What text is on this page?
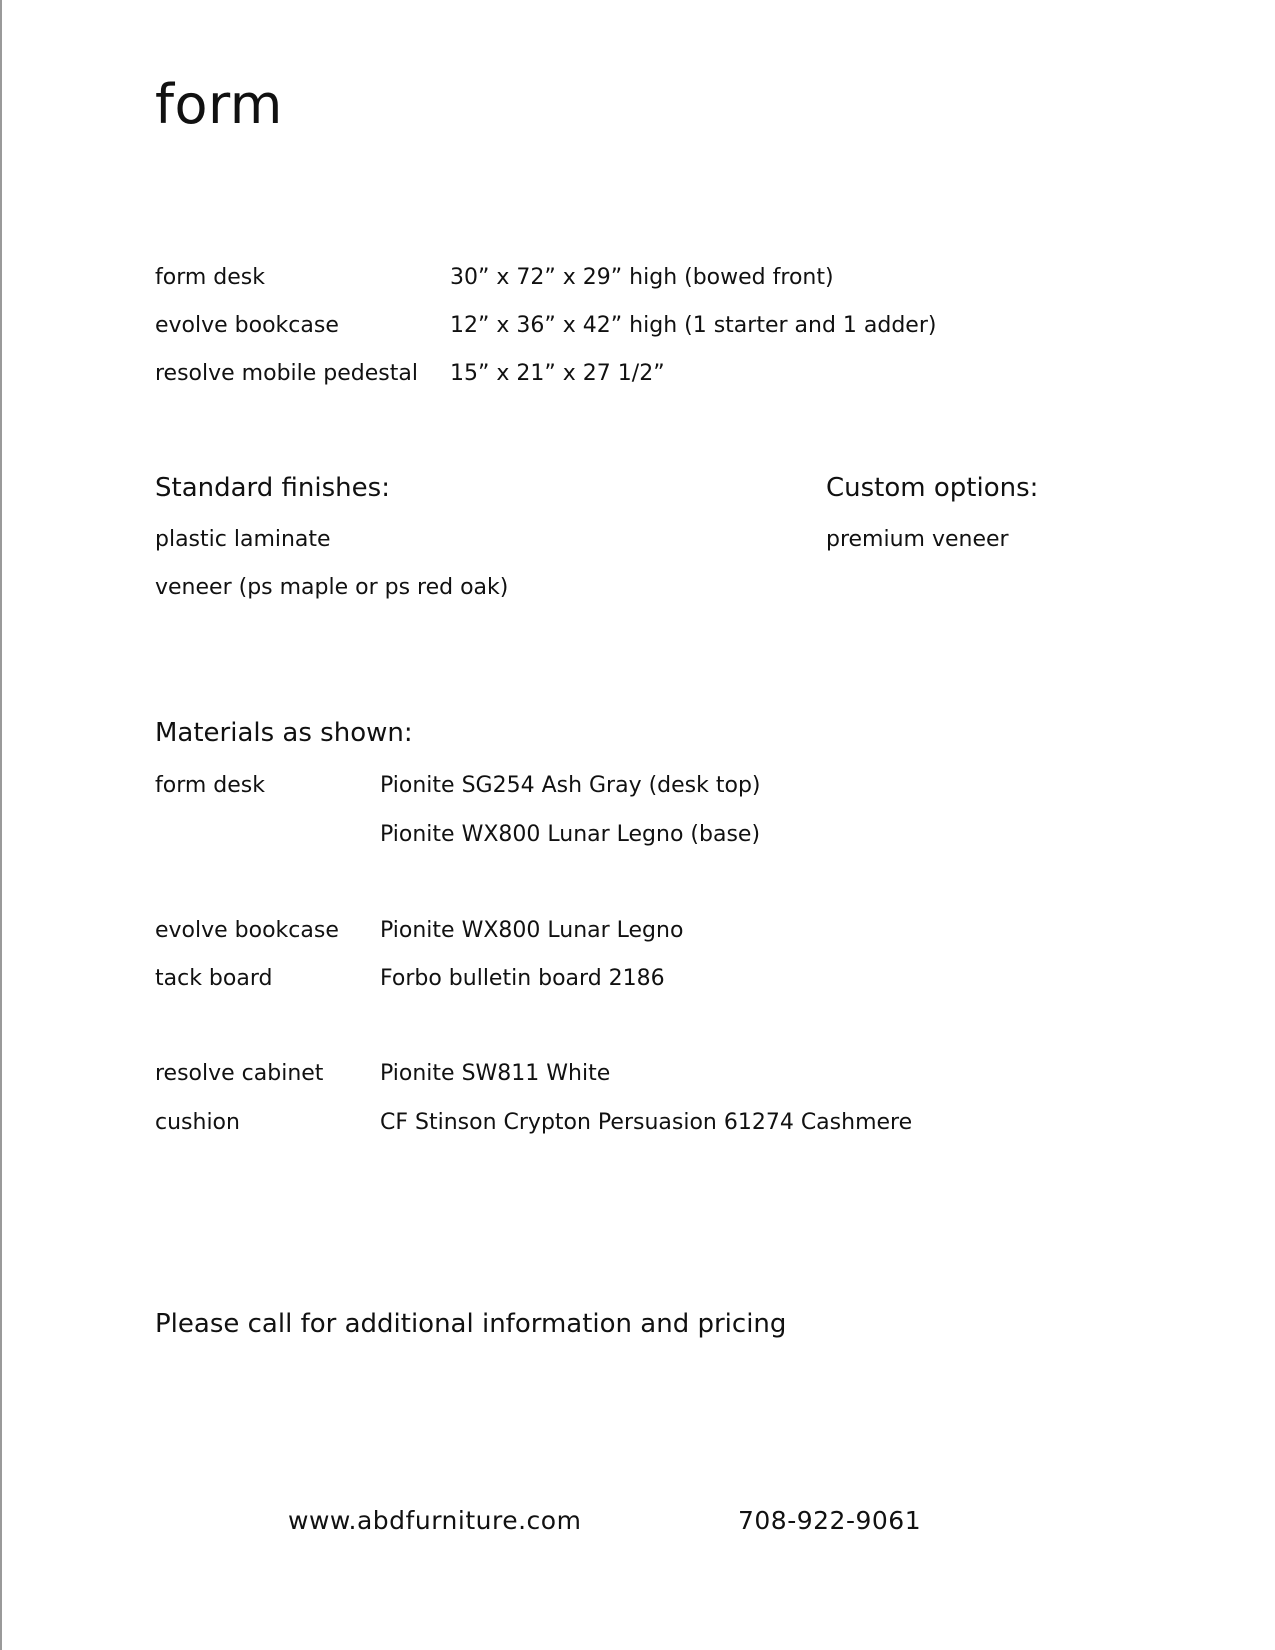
form
form desk	30” x 72” x 29” high (bowed front)
evolve bookcase	12” x 36” x 42” high (1 starter and 1 adder)
resolve mobile pedestal 15” x 21” x 27 1/2”
Standard finishes:
plastic laminate
veneer (ps maple or ps red oak)
Custom options:
premium veneer
Materials as shown:
form desk	Pionite SG254 Ash Gray (desk top)
Pionite WX800 Lunar Legno (base)
evolve bookcase Pionite WX800 Lunar Legno
tack board	Forbo bulletin board 2186
resolve cabinet	Pionite SW811 White
cushion	CF Stinson Crypton Persuasion 61274 Cashmere
Please call for additional information and pricing
www.abdfurniture.com	708-922-9061
